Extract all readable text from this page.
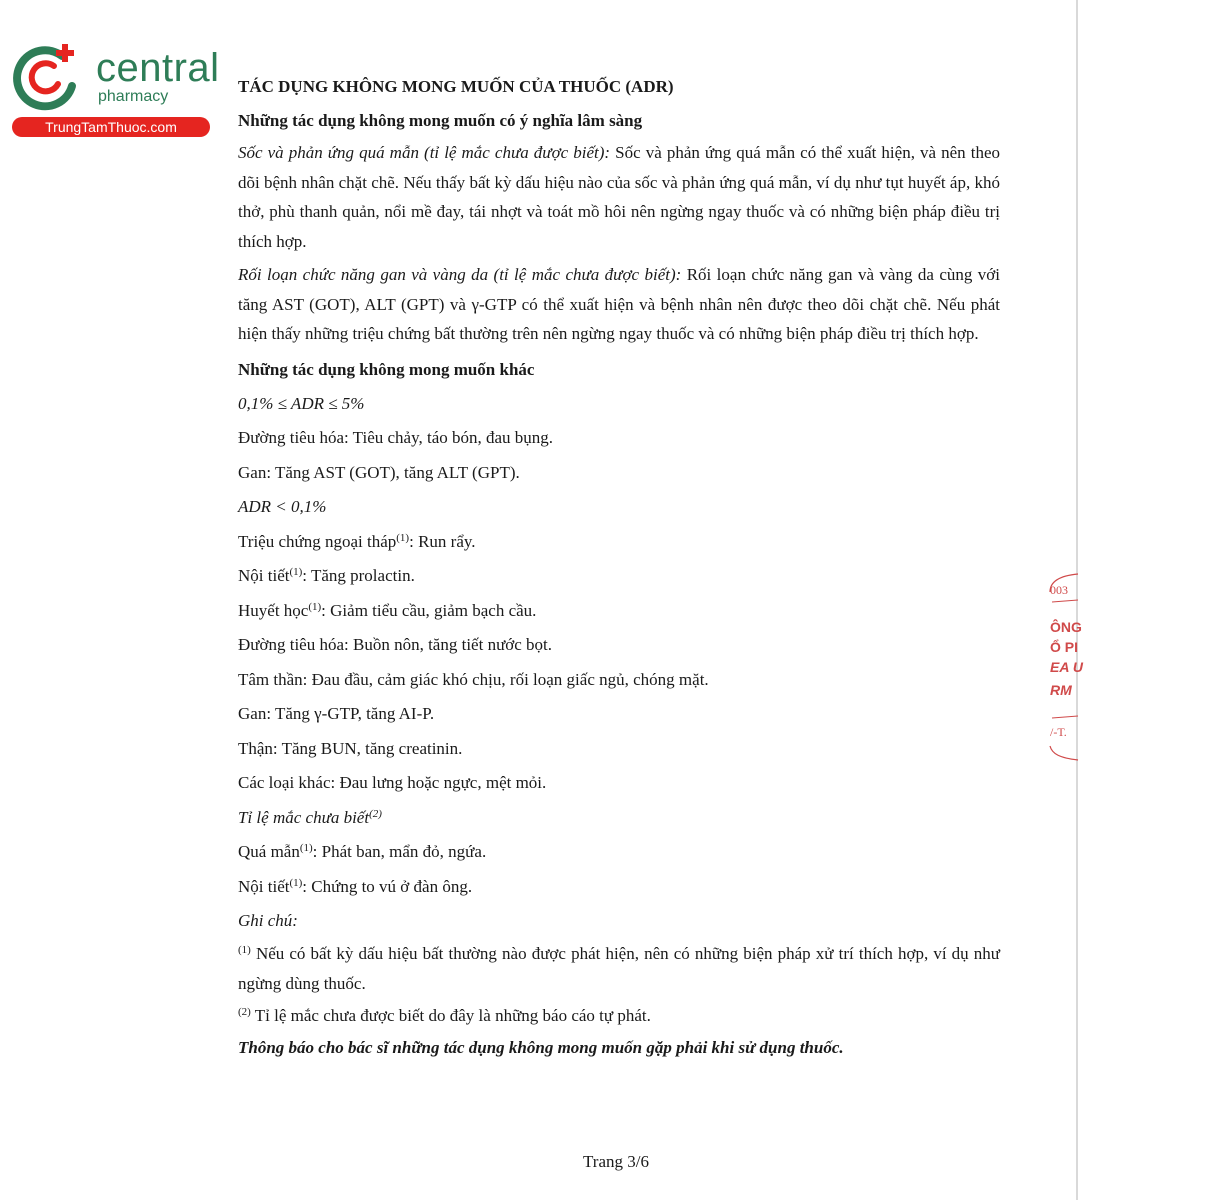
central
pharmacy
TrungTamThuoc.com

TÁC DỤNG KHÔNG MONG MUỐN CỦA THUỐC (ADR)

Những tác dụng không mong muốn có ý nghĩa lâm sàng

Sốc và phản ứng quá mẫn (tỉ lệ mắc chưa được biết): Sốc và phản ứng quá mẫn có thể xuất hiện, và nên theo dõi bệnh nhân chặt chẽ. Nếu thấy bất kỳ dấu hiệu nào của sốc và phản ứng quá mẫn, ví dụ như tụt huyết áp, khó thở, phù thanh quản, nổi mề đay, tái nhợt và toát mồ hôi nên ngừng ngay thuốc và có những biện pháp điều trị thích hợp.

Rối loạn chức năng gan và vàng da (tỉ lệ mắc chưa được biết): Rối loạn chức năng gan và vàng da cùng với tăng AST (GOT), ALT (GPT) và γ-GTP có thể xuất hiện và bệnh nhân nên được theo dõi chặt chẽ. Nếu phát hiện thấy những triệu chứng bất thường trên nên ngừng ngay thuốc và có những biện pháp điều trị thích hợp.

Những tác dụng không mong muốn khác

0,1% ≤ ADR ≤ 5%

Đường tiêu hóa: Tiêu chảy, táo bón, đau bụng.

Gan: Tăng AST (GOT), tăng ALT (GPT).

ADR < 0,1%

Triệu chứng ngoại tháp$^{(1)}$: Run rẩy.

Nội tiết$^{(1)}$: Tăng prolactin.

Huyết học$^{(1)}$: Giảm tiểu cầu, giảm bạch cầu.

Đường tiêu hóa: Buồn nôn, tăng tiết nước bọt.

Tâm thần: Đau đầu, cảm giác khó chịu, rối loạn giấc ngủ, chóng mặt.

Gan: Tăng γ-GTP, tăng AI-P.

Thận: Tăng BUN, tăng creatinin.

Các loại khác: Đau lưng hoặc ngực, mệt mỏi.

Tỉ lệ mắc chưa biết$^{(2)}$

Quá mẫn$^{(1)}$: Phát ban, mẩn đỏ, ngứa.

Nội tiết$^{(1)}$: Chứng to vú ở đàn ông.

Ghi chú:

$^{(1)}$ Nếu có bất kỳ dấu hiệu bất thường nào được phát hiện, nên có những biện pháp xử trí thích hợp, ví dụ như ngừng dùng thuốc.

$^{(2)}$ Tỉ lệ mắc chưa được biết do đây là những báo cáo tự phát.

Thông báo cho bác sĩ những tác dụng không mong muốn gặp phải khi sử dụng thuốc.

Trang 3/6
003
ÔNG
Ổ PI
EA U
RM
/-T.
